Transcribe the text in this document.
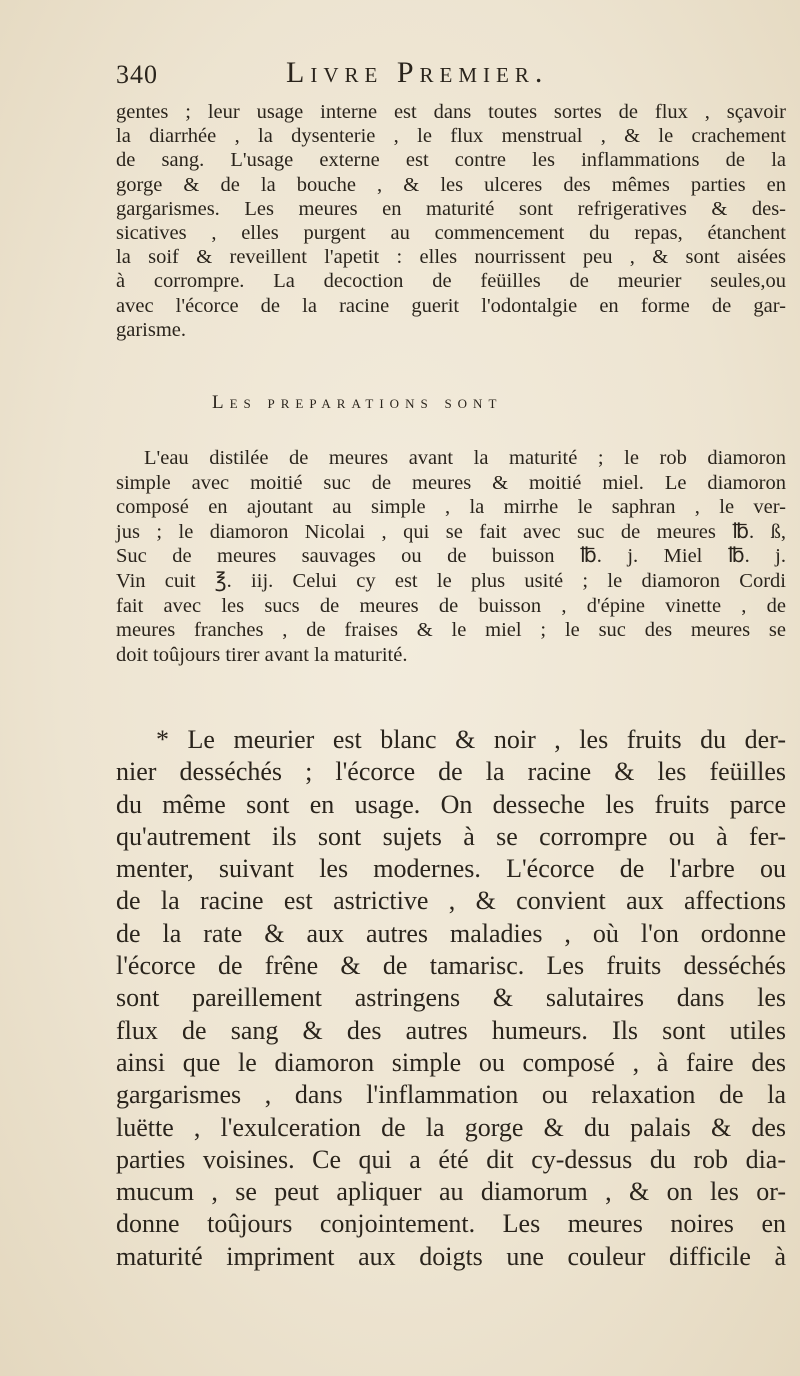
340	Livre Premier.
gentes ; leur usage interne est dans toutes sortes de flux , sçavoir
la diarrhée , la dysenterie , le flux menstrual , & le crachement
de sang. L'usage externe est contre les inflammations de la
gorge & de la bouche , & les ulceres des mêmes parties en
gargarismes. Les meures en maturité sont refrigeratives & des-
sicatives , elles purgent au commencement du repas, étanchent
la soif & reveillent l'apetit : elles nourrissent peu , & sont aisées
à corrompre. La decoction de feüilles de meurier seules,ou
avec l'écorce de la racine guerit l'odontalgie en forme de gar-
garisme.
Les preparations sont
L'eau distilée de meures avant la maturité ; le rob diamoron
simple avec moitié suc de meures & moitié miel. Le diamoron
composé en ajoutant au simple , la mirrhe le saphran , le ver-
jus ; le diamoron Nicolai , qui se fait avec suc de meures ℔. ß,
Suc de meures sauvages ou de buisson ℔. j. Miel ℔. j.
Vin cuit ℥. iij. Celui cy est le plus usité ; le diamoron Cordi
fait avec les sucs de meures de buisson , d'épine vinette , de
meures franches , de fraises & le miel ; le suc des meures se
doit toûjours tirer avant la maturité.
* Le meurier est blanc & noir , les fruits du der-
nier desséchés ; l'écorce de la racine & les feüilles
du même sont en usage. On desseche les fruits parce
qu'autrement ils sont sujets à se corrompre ou à fer-
menter, suivant les modernes. L'écorce de l'arbre ou
de la racine est astrictive , & convient aux affections
de la rate & aux autres maladies , où l'on ordonne
l'écorce de frêne & de tamarisc. Les fruits desséchés
sont pareillement astringens & salutaires dans les
flux de sang & des autres humeurs. Ils sont utiles
ainsi que le diamoron simple ou composé , à faire des
gargarismes , dans l'inflammation ou relaxation de la
luëtte , l'exulceration de la gorge & du palais & des
parties voisines. Ce qui a été dit cy-dessus du rob dia-
mucum , se peut apliquer au diamorum , & on les or-
donne toûjours conjointement. Les meures noires en
maturité impriment aux doigts une couleur difficile à
